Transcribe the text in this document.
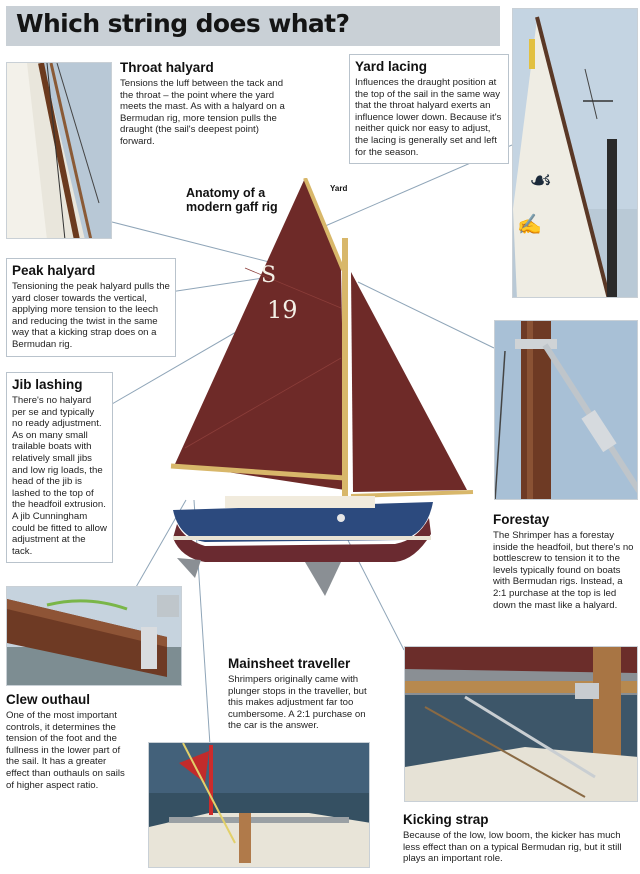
Which string does what?
☙
✍
S
19
Anatomy of a modern gaff rig
Yard
Throat halyard

Tensions the luff between the tack and the throat – the point where the yard meets the mast. As with a halyard on a Bermudan rig, more tension pulls the draught (the sail's deepest point) forward.

Yard lacing

Influences the draught position at the top of the sail in the same way that the throat halyard exerts an influence lower down. Because it's neither quick nor easy to adjust, the lacing is generally set and left for the season.

Peak halyard

Tensioning the peak halyard pulls the yard closer towards the vertical, applying more tension to the leech and reducing the twist in the same way that a kicking strap does on a Bermudan rig.

Jib lashing

There's no halyard per se and typically no ready adjustment. As on many small trailable boats with relatively small jibs and low rig loads, the head of the jib is lashed to the top of the headfoil extrusion. A jib Cunningham could be fitted to allow adjustment at the tack.

Forestay

The Shrimper has a forestay inside the headfoil, but there's no bottlescrew to tension it to the levels typically found on boats with Bermudan rigs. Instead, a 2:1 purchase at the top is led down the mast like a halyard.

Mainsheet traveller

Shrimpers originally came with plunger stops in the traveller, but this makes adjustment far too cumbersome. A 2:1 purchase on the car is the answer.

Clew outhaul

One of the most important controls, it determines the tension of the foot and the fullness in the lower part of the sail. It has a greater effect than outhauls on sails of higher aspect ratio.

Kicking strap

Because of the low, low boom, the kicker has much less effect than on a typical Bermudan rig, but it still plays an important role.
